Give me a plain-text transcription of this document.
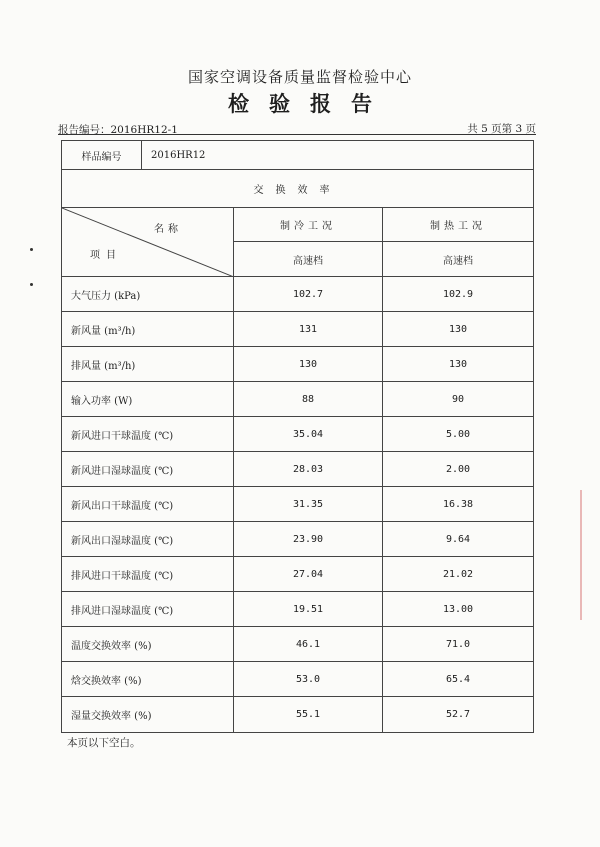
国家空调设备质量监督检验中心
检验报告
报告编号：2016HR12-1	共 5 页第 3 页
样品编号	2016HR12		
交换效率			

名称
项目		制冷工况	制热工况
		高速档	高速档
大气压力 (kPa)		102.7	102.9
新风量 (m³/h)		131	130
排风量 (m³/h)		130	130
输入功率 (W)		88	90
新风进口干球温度 (℃)		35.04	5.00
新风进口湿球温度 (℃)		28.03	2.00
新风出口干球温度 (℃)		31.35	16.38
新风出口湿球温度 (℃)		23.90	9.64
排风进口干球温度 (℃)		27.04	21.02
排风进口湿球温度 (℃)		19.51	13.00
温度交换效率 (%)		46.1	71.0
焓交换效率 (%)		53.0	65.4
湿量交换效率 (%)		55.1	52.7
本页以下空白。
